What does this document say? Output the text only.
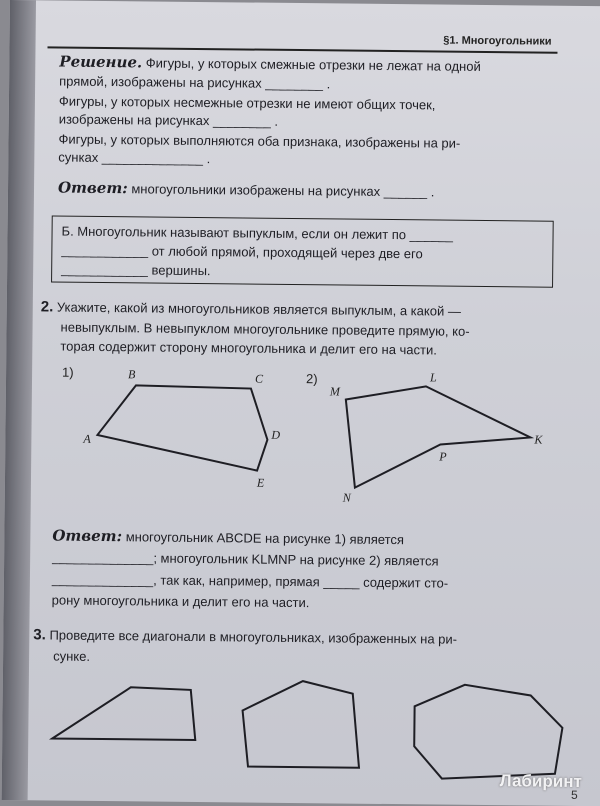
§1. Многоугольники
Решение. Фигуры, у которых смежные отрезки не лежат на одной
прямой, изображены на рисунках ________ .
Фигуры, у которых несмежные отрезки не имеют общих точек,
изображены на рисунках ________ .
Фигуры, у которых выполняются оба признака, изображены на ри-
сунках ______________ .
Ответ: многоугольники изображены на рисунках ______ .
Б. Многоугольник называют выпуклым, если он лежит по ______
____________ от любой прямой, проходящей через две его
____________ вершины.
2. Укажите, какой из многоугольников является выпуклым, а какой —
невыпуклым. В невыпуклом многоугольнике проведите прямую, ко-
торая содержит сторону многоугольника и делит его на части.
1)
A
B	C
D
E
2)
M
L
K
P
N
Ответ: многоугольник ABCDE на рисунке 1) является
______________; многоугольник KLMNP на рисунке 2) является
______________, так как, например, прямая _____ содержит сто-
рону многоугольника и делит его на части.
3. Проведите все диагонали в многоугольниках, изображенных на ри-
сунке.
Лабиринт
5
